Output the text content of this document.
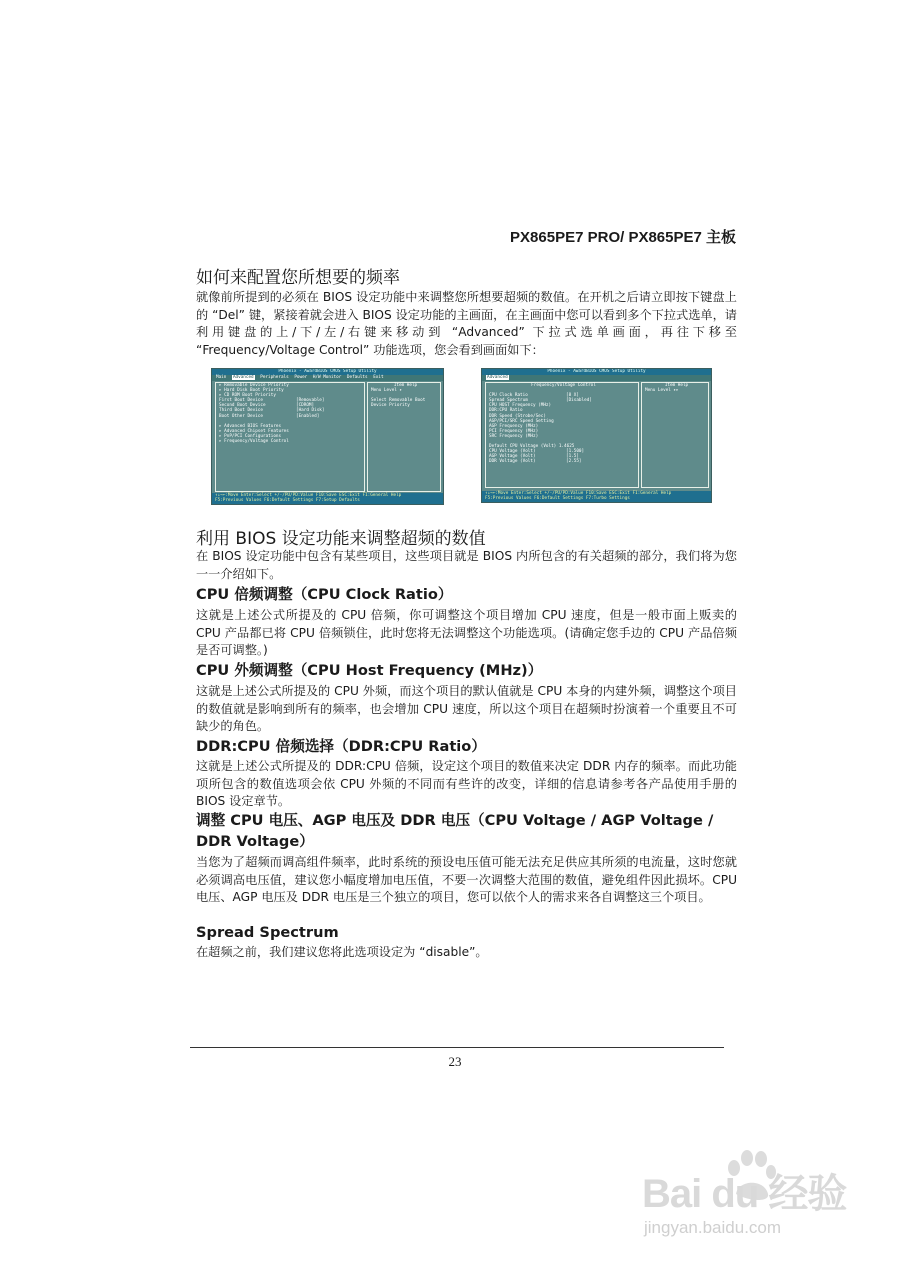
PX865PE7 PRO/ PX865PE7 主板
如何来配置您所想要的频率
就像前所提到的必须在 BIOS 设定功能中来调整您所想要超频的数值。在开机之后请立即按下键盘上的 “Del” 键，紧接着就会进入 BIOS 设定功能的主画面，在主画面中您可以看到多个下拉式选单，请利用键盘的上/下/左/右键来移动到 “Advanced” 下拉式选单画面，再往下移至 “Frequency/Voltage Control” 功能选项，您会看到画面如下：
Phoenix - AwardBIOS CMOS Setup Utility
Main Advanced Peripherals Power H/W Monitor Defaults Exit
▸ Removable Device Priority
▸ Hard Disk Boot Priority
▸ CD ROM Boot Priority
First Boot Device	[Removable]
Second Boot Device	[CDROM]
Third Boot Device	[Hard Disk]
Boot Other Device	[Enabled]
▸ Advanced BIOS Features
▸ Advanced Chipset Features
▸ PnP/PCI Configurations
▸ Frequency/Voltage Control
Item Help
Menu Level ▸
Select Removable Boot
Device Priority
↑↓→←:Move Enter:Select +/-/PU/PD:Value F10:Save ESC:Exit F1:General Help
F5:Previous Values F6:Default Settings F7:Setup Defaults
Phoenix - AwardBIOS CMOS Setup Utility
Advanced
Frequency/Voltage Control
CPU Clock Ratio	[8 X]
Spread Spectrum	[Disabled]
CPU HOST Frequency (MHz)
DDR:CPU Ratio
DDR Speed (Strobe/Sec)
AGP/PCI/SRC Speed Setting
AGP Frequency (MHz)
PCI Frequency (MHz)
SRC Frequency (MHz)
Default CPU Voltage (Volt) 1.4625
CPU Voltage (Volt)	[1.500]
AGP Voltage (Volt)	[1.5]
DDR Voltage (Volt)	[2.55]
Item Help
Menu Level ▸▸
↑↓→←:Move Enter:Select +/-/PU/PD:Value F10:Save ESC:Exit F1:General Help
F5:Previous Values F6:Default Settings F7:Turbo Settings
利用 BIOS 设定功能来调整超频的数值
在 BIOS 设定功能中包含有某些项目，这些项目就是 BIOS 内所包含的有关超频的部分，我们将为您一一介绍如下。
CPU 倍频调整（CPU Clock Ratio）
这就是上述公式所提及的 CPU 倍频，你可调整这个项目增加 CPU 速度，但是一般市面上贩卖的 CPU 产品都已将 CPU 倍频锁住，此时您将无法调整这个功能选项。(请确定您手边的 CPU 产品倍频是否可调整。)
CPU 外频调整（CPU Host Frequency (MHz)）
这就是上述公式所提及的 CPU 外频，而这个项目的默认值就是 CPU 本身的内建外频，调整这个项目的数值就是影响到所有的频率，也会增加 CPU 速度，所以这个项目在超频时扮演着一个重要且不可缺少的角色。
DDR:CPU 倍频选择（DDR:CPU Ratio）
这就是上述公式所提及的 DDR:CPU 倍频，设定这个项目的数值来决定 DDR 内存的频率。而此功能项所包含的数值选项会依 CPU 外频的不同而有些许的改变，详细的信息请参考各产品使用手册的 BIOS 设定章节。
调整 CPU 电压、AGP 电压及 DDR 电压（CPU Voltage / AGP Voltage / DDR Voltage）
当您为了超频而调高组件频率，此时系统的预设电压值可能无法充足供应其所须的电流量，这时您就必须调高电压值，建议您小幅度增加电压值，不要一次调整大范围的数值，避免组件因此损坏。CPU 电压、AGP 电压及 DDR 电压是三个独立的项目，您可以依个人的需求来各自调整这三个项目。
Spread Spectrum
在超频之前，我们建议您将此选项设定为 “disable”。
23
Bai du 经验
jingyan.baidu.com
